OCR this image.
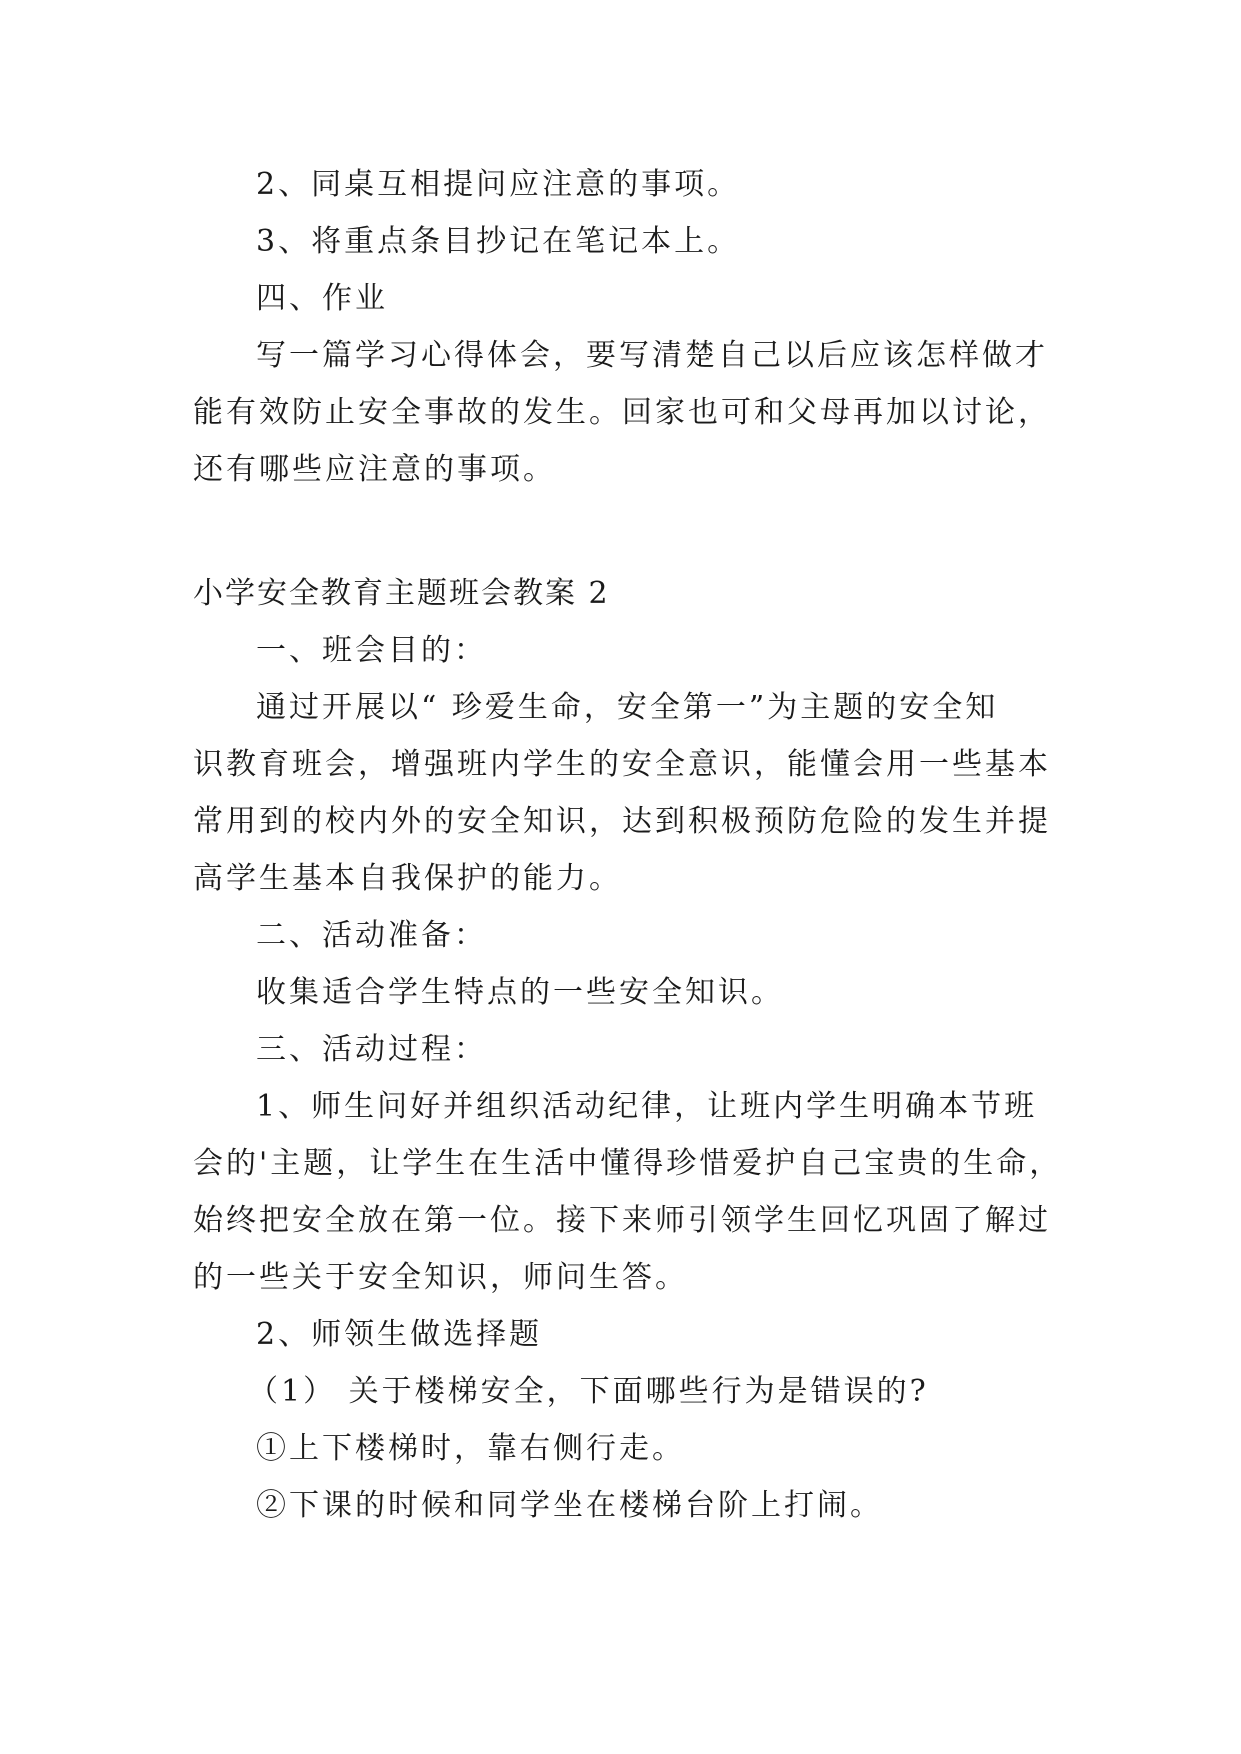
2、同桌互相提问应注意的事项。
3、将重点条目抄记在笔记本上。
四、作业
写一篇学习心得体会，要写清楚自己以后应该怎样做才
能有效防止安全事故的发生。回家也可和父母再加以讨论，
还有哪些应注意的事项。
小学安全教育主题班会教案 2
一、班会目的：
通过开展以“ 珍爱生命，安全第一”为主题的安全知
识教育班会，增强班内学生的安全意识，能懂会用一些基本
常用到的校内外的安全知识，达到积极预防危险的发生并提
高学生基本自我保护的能力。
二、活动准备：
收集适合学生特点的一些安全知识。
三、活动过程：
1、师生问好并组织活动纪律，让班内学生明确本节班
会的'主题，让学生在生活中懂得珍惜爱护自己宝贵的生命，
始终把安全放在第一位。接下来师引领学生回忆巩固了解过
的一些关于安全知识，师问生答。
2、师领生做选择题
（1） 关于楼梯安全，下面哪些行为是错误的?
①上下楼梯时，靠右侧行走。
②下课的时候和同学坐在楼梯台阶上打闹。
